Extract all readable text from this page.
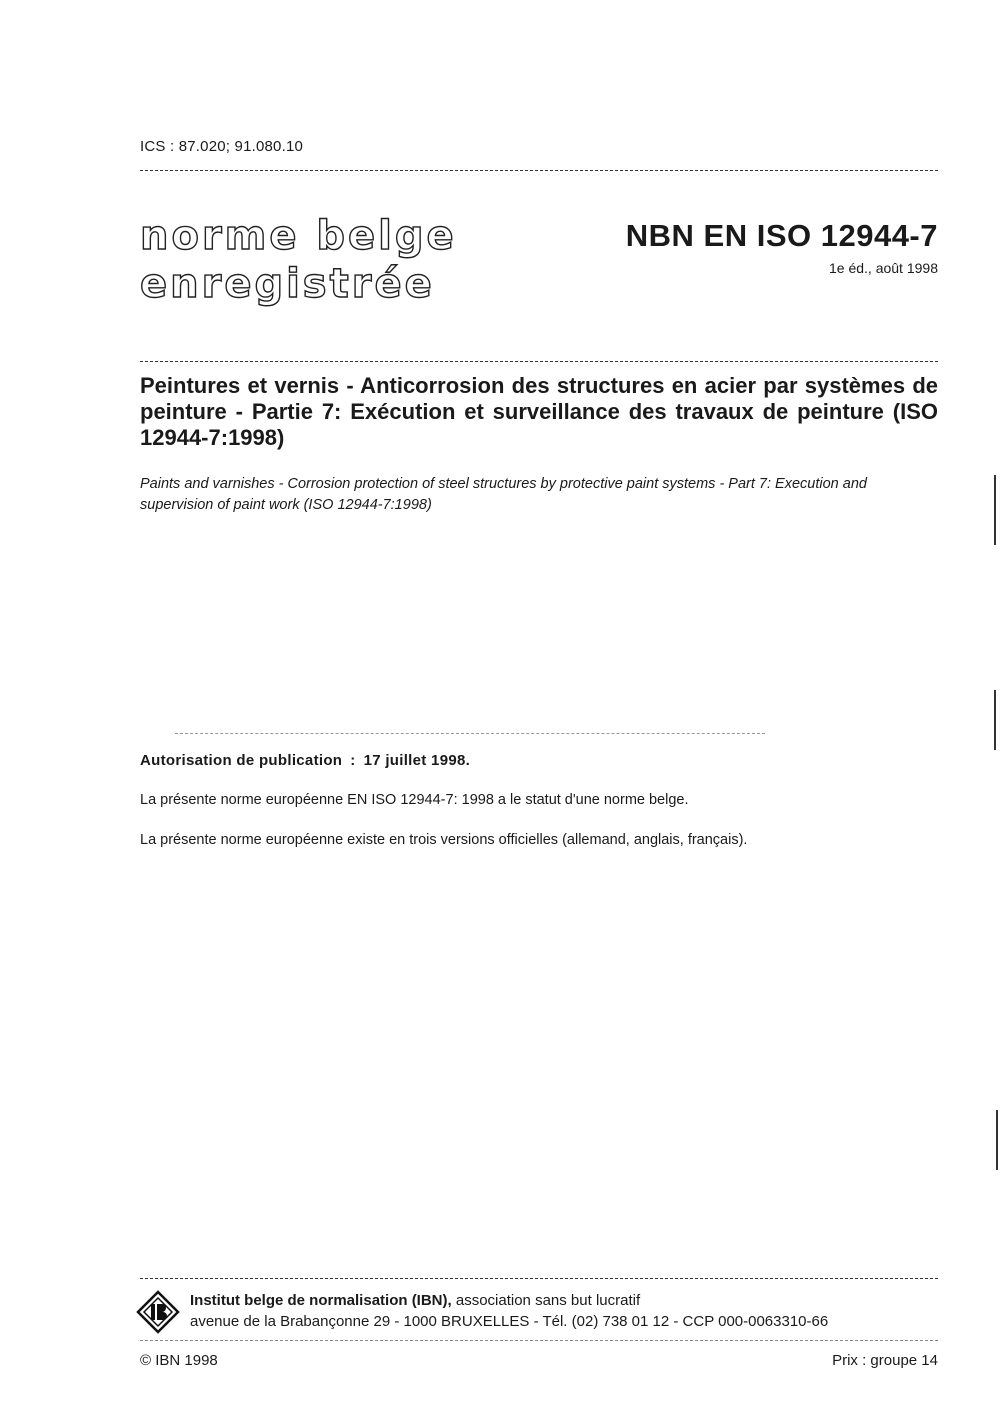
ICS : 87.020; 91.080.10
norme belge
enregistrée
NBN EN ISO 12944-7
1e éd., août 1998
Peintures et vernis - Anticorrosion des structures en acier par systèmes de peinture - Partie 7: Exécution et surveillance des travaux de peinture (ISO 12944-7:1998)
Paints and varnishes - Corrosion protection of steel structures by protective paint systems - Part 7: Execution and supervision of paint work (ISO 12944-7:1998)
Autorisation de publication : 17 juillet 1998.
La présente norme européenne EN ISO 12944-7: 1998 a le statut d'une norme belge.
La présente norme européenne existe en trois versions officielles (allemand, anglais, français).
Institut belge de normalisation (IBN), association sans but lucratif
avenue de la Brabançonne 29 - 1000 BRUXELLES - Tél. (02) 738 01 12 - CCP 000-0063310-66
© IBN 1998	Prix : groupe 14
